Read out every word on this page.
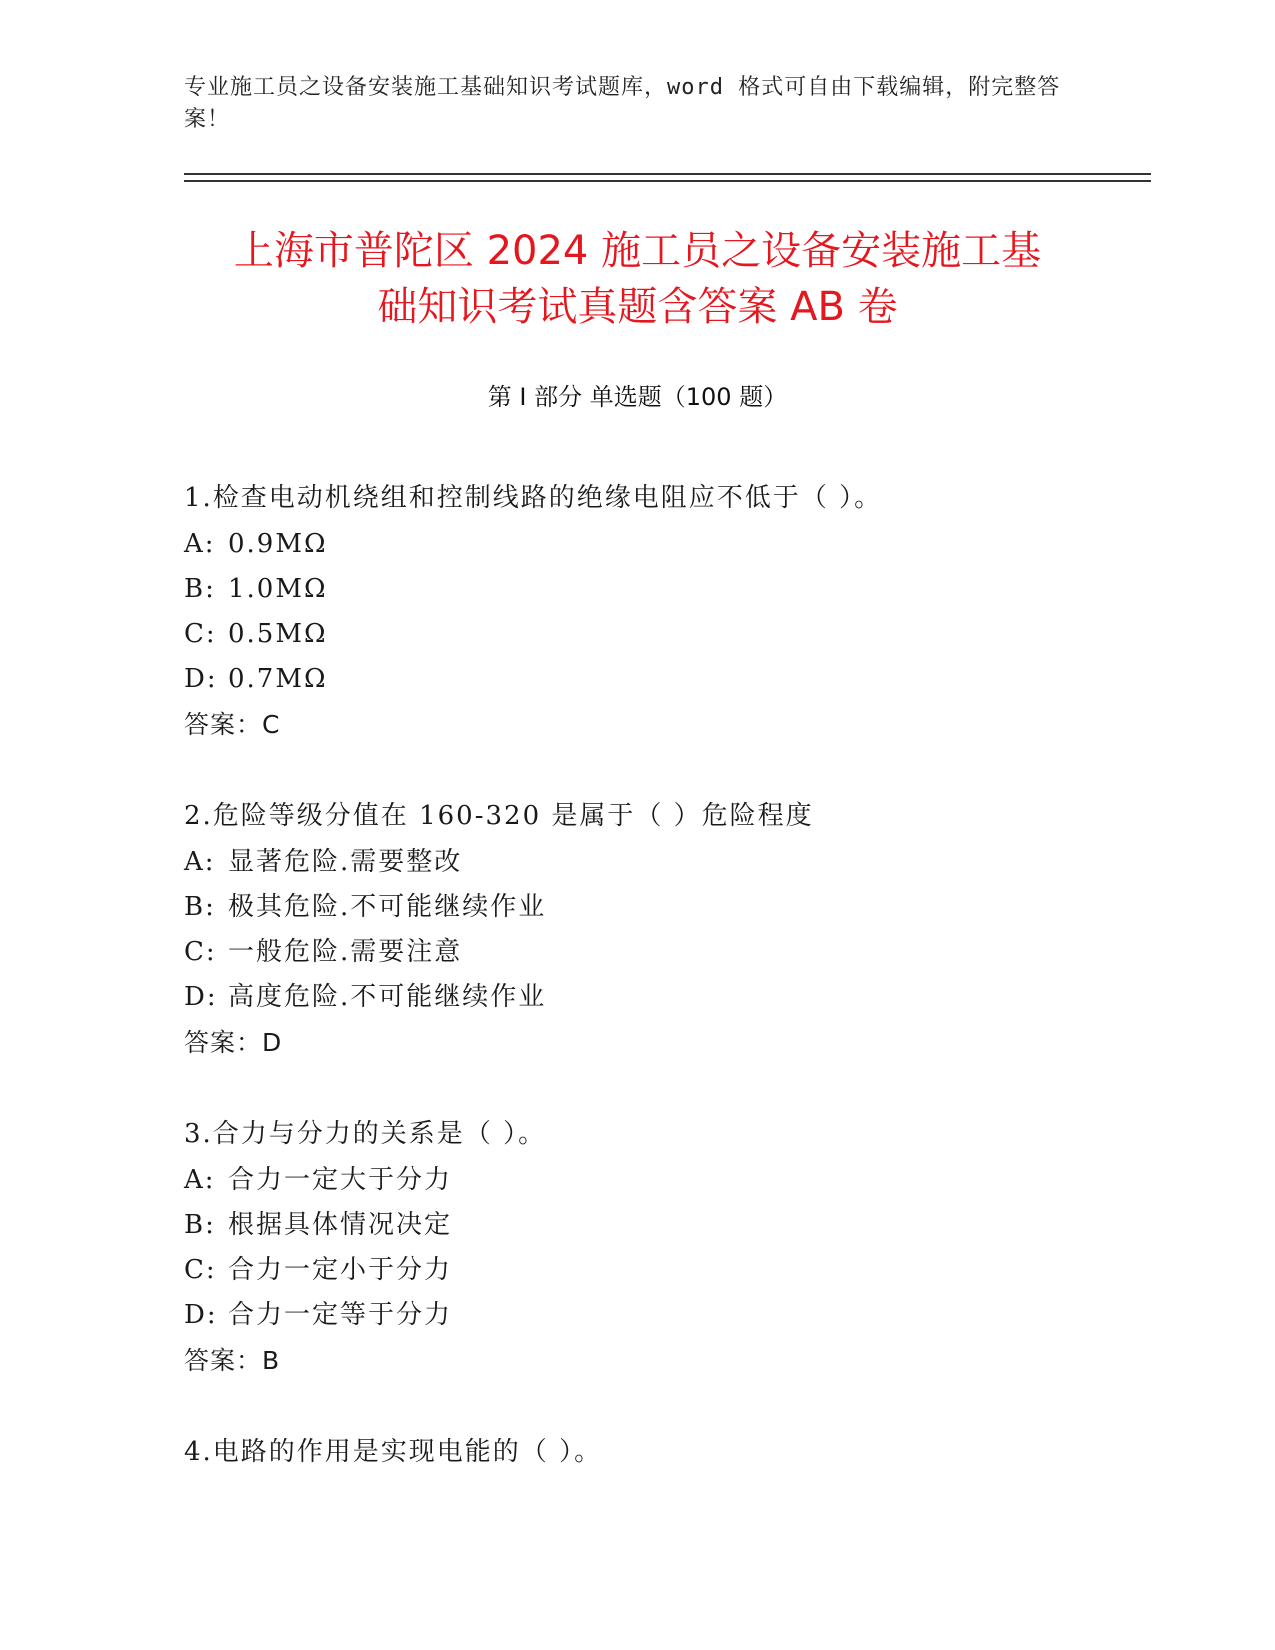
专业施工员之设备安装施工基础知识考试题库，word 格式可自由下载编辑，附完整答案！
上海市普陀区 2024 施工员之设备安装施工基
础知识考试真题含答案 AB 卷
第 I 部分 单选题（100 题）
1.检查电动机绕组和控制线路的绝缘电阻应不低于（ ）。
A: 0.9MΩ
B: 1.0MΩ
C: 0.5MΩ
D: 0.7MΩ
答案：C
2.危险等级分值在 160-320 是属于（ ）危险程度
A: 显著危险.需要整改
B: 极其危险.不可能继续作业
C: 一般危险.需要注意
D: 高度危险.不可能继续作业
答案：D
3.合力与分力的关系是（ ）。
A: 合力一定大于分力
B: 根据具体情况决定
C: 合力一定小于分力
D: 合力一定等于分力
答案：B
4.电路的作用是实现电能的（ ）。
